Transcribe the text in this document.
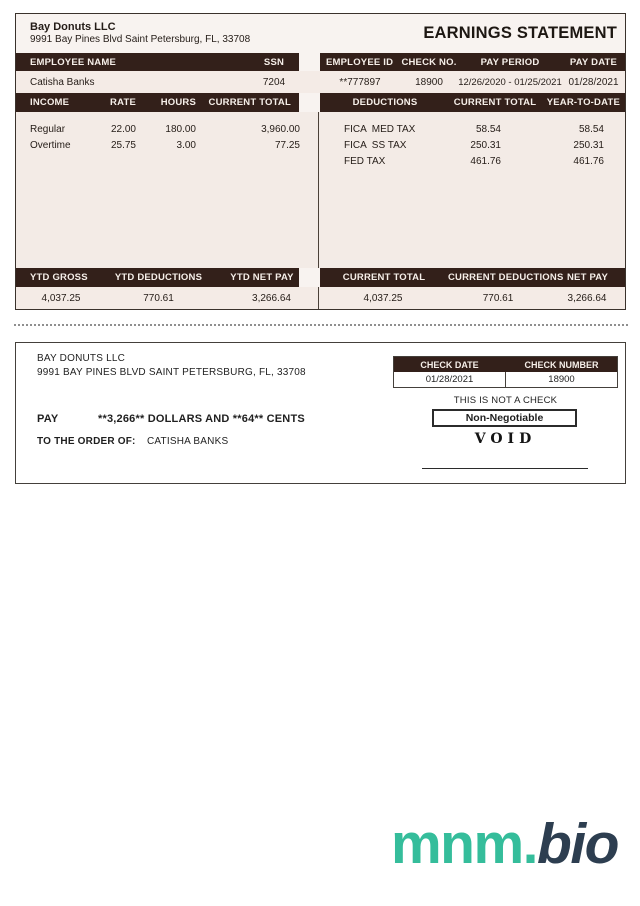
Bay Donuts LLC
9991 Bay Pines Blvd Saint Petersburg, FL, 33708	EARNINGS STATEMENT
EMPLOYEE NAME	SSN	EMPLOYEE ID CHECK NO.	PAY PERIOD	PAY DATE
Catisha Banks	7204	**777897	18900	12/26/2020 - 01/25/2021 01/28/2021
INCOME	RATE	HOURS	CURRENT TOTAL	DEDUCTIONS	CURRENT TOTAL	YEAR-TO-DATE
Regular	22.00	180.00	3,960.00
Overtime	25.75	3.00	77.25
FICA  MED TAX	58.54	58.54
FICA  SS TAX	250.31	250.31
FED TAX	461.76	461.76
YTD GROSS	YTD DEDUCTIONS	YTD NET PAY	CURRENT TOTAL	CURRENT DEDUCTIONS NET PAY
4,037.25	770.61	3,266.64	4,037.25	770.61	3,266.64
BAY DONUTS LLC
9991 BAY PINES BLVD SAINT PETERSBURG, FL, 33708
CHECK DATE	CHECK NUMBER
01/28/2021	18900
THIS IS NOT A CHECK
Non-Negotiable
PAY	**3,266** DOLLARS AND **64** CENTS
TO THE ORDER OF:	CATISHA BANKS	VOID
mnm.bio
